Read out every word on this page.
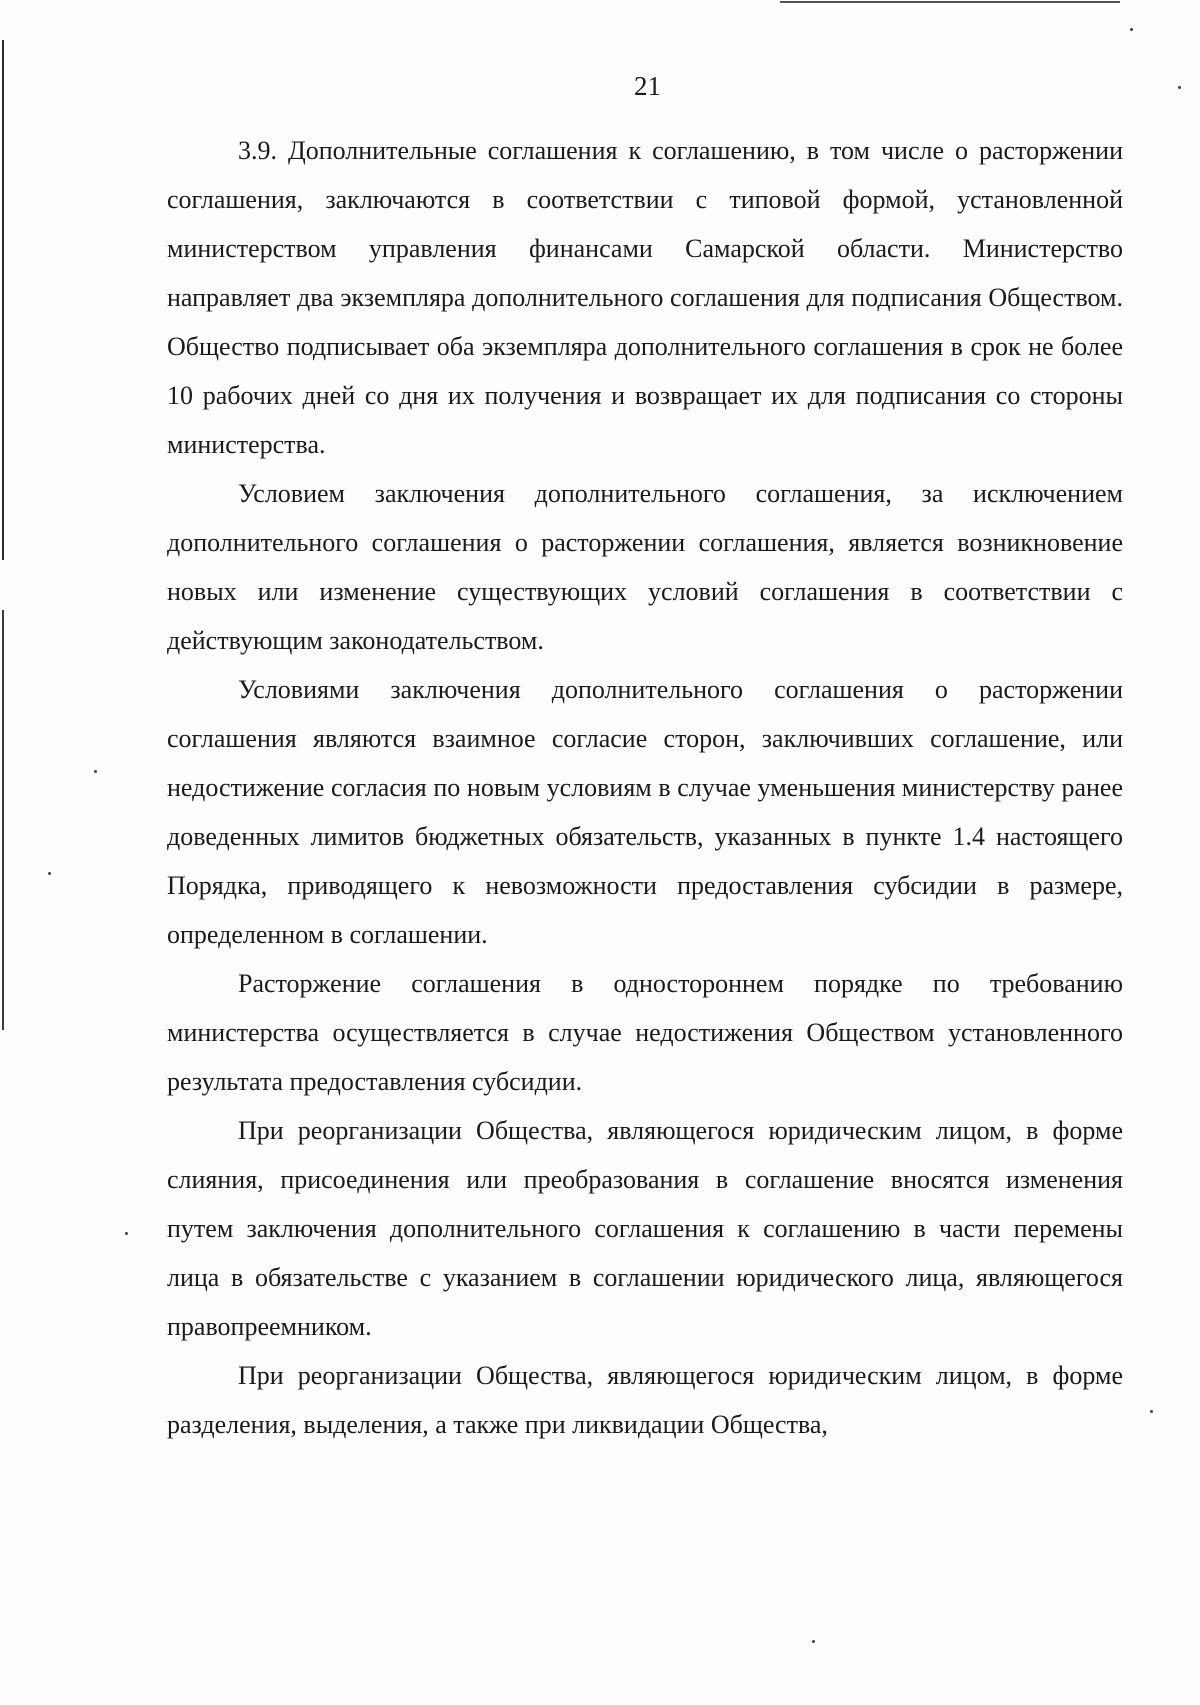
21

3.9. Дополнительные соглашения к соглашению, в том числе о расторжении соглашения, заключаются в соответствии с типовой формой, установленной министерством управления финансами Самарской области. Министерство направляет два экземпляра дополнительного соглашения для подписания Обществом. Общество подписывает оба экземпляра дополнительного соглашения в срок не более 10 рабочих дней со дня их получения и возвращает их для подписания со стороны министерства.

Условием заключения дополнительного соглашения, за исключением дополнительного соглашения о расторжении соглашения, является возникновение новых или изменение существующих условий соглашения в соответствии с действующим законодательством.

Условиями заключения дополнительного соглашения о расторжении соглашения являются взаимное согласие сторон, заключивших соглашение, или недостижение согласия по новым условиям в случае уменьшения министерству ранее доведенных лимитов бюджетных обязательств, указанных в пункте 1.4 настоящего Порядка, приводящего к невозможности предоставления субсидии в размере, определенном в соглашении.

Расторжение соглашения в одностороннем порядке по требованию министерства осуществляется в случае недостижения Обществом установленного результата предоставления субсидии.

При реорганизации Общества, являющегося юридическим лицом, в форме слияния, присоединения или преобразования в соглашение вносятся изменения путем заключения дополнительного соглашения к соглашению в части перемены лица в обязательстве с указанием в соглашении юридического лица, являющегося правопреемником.

При реорганизации Общества, являющегося юридическим лицом, в форме разделения, выделения, а также при ликвидации Общества,
